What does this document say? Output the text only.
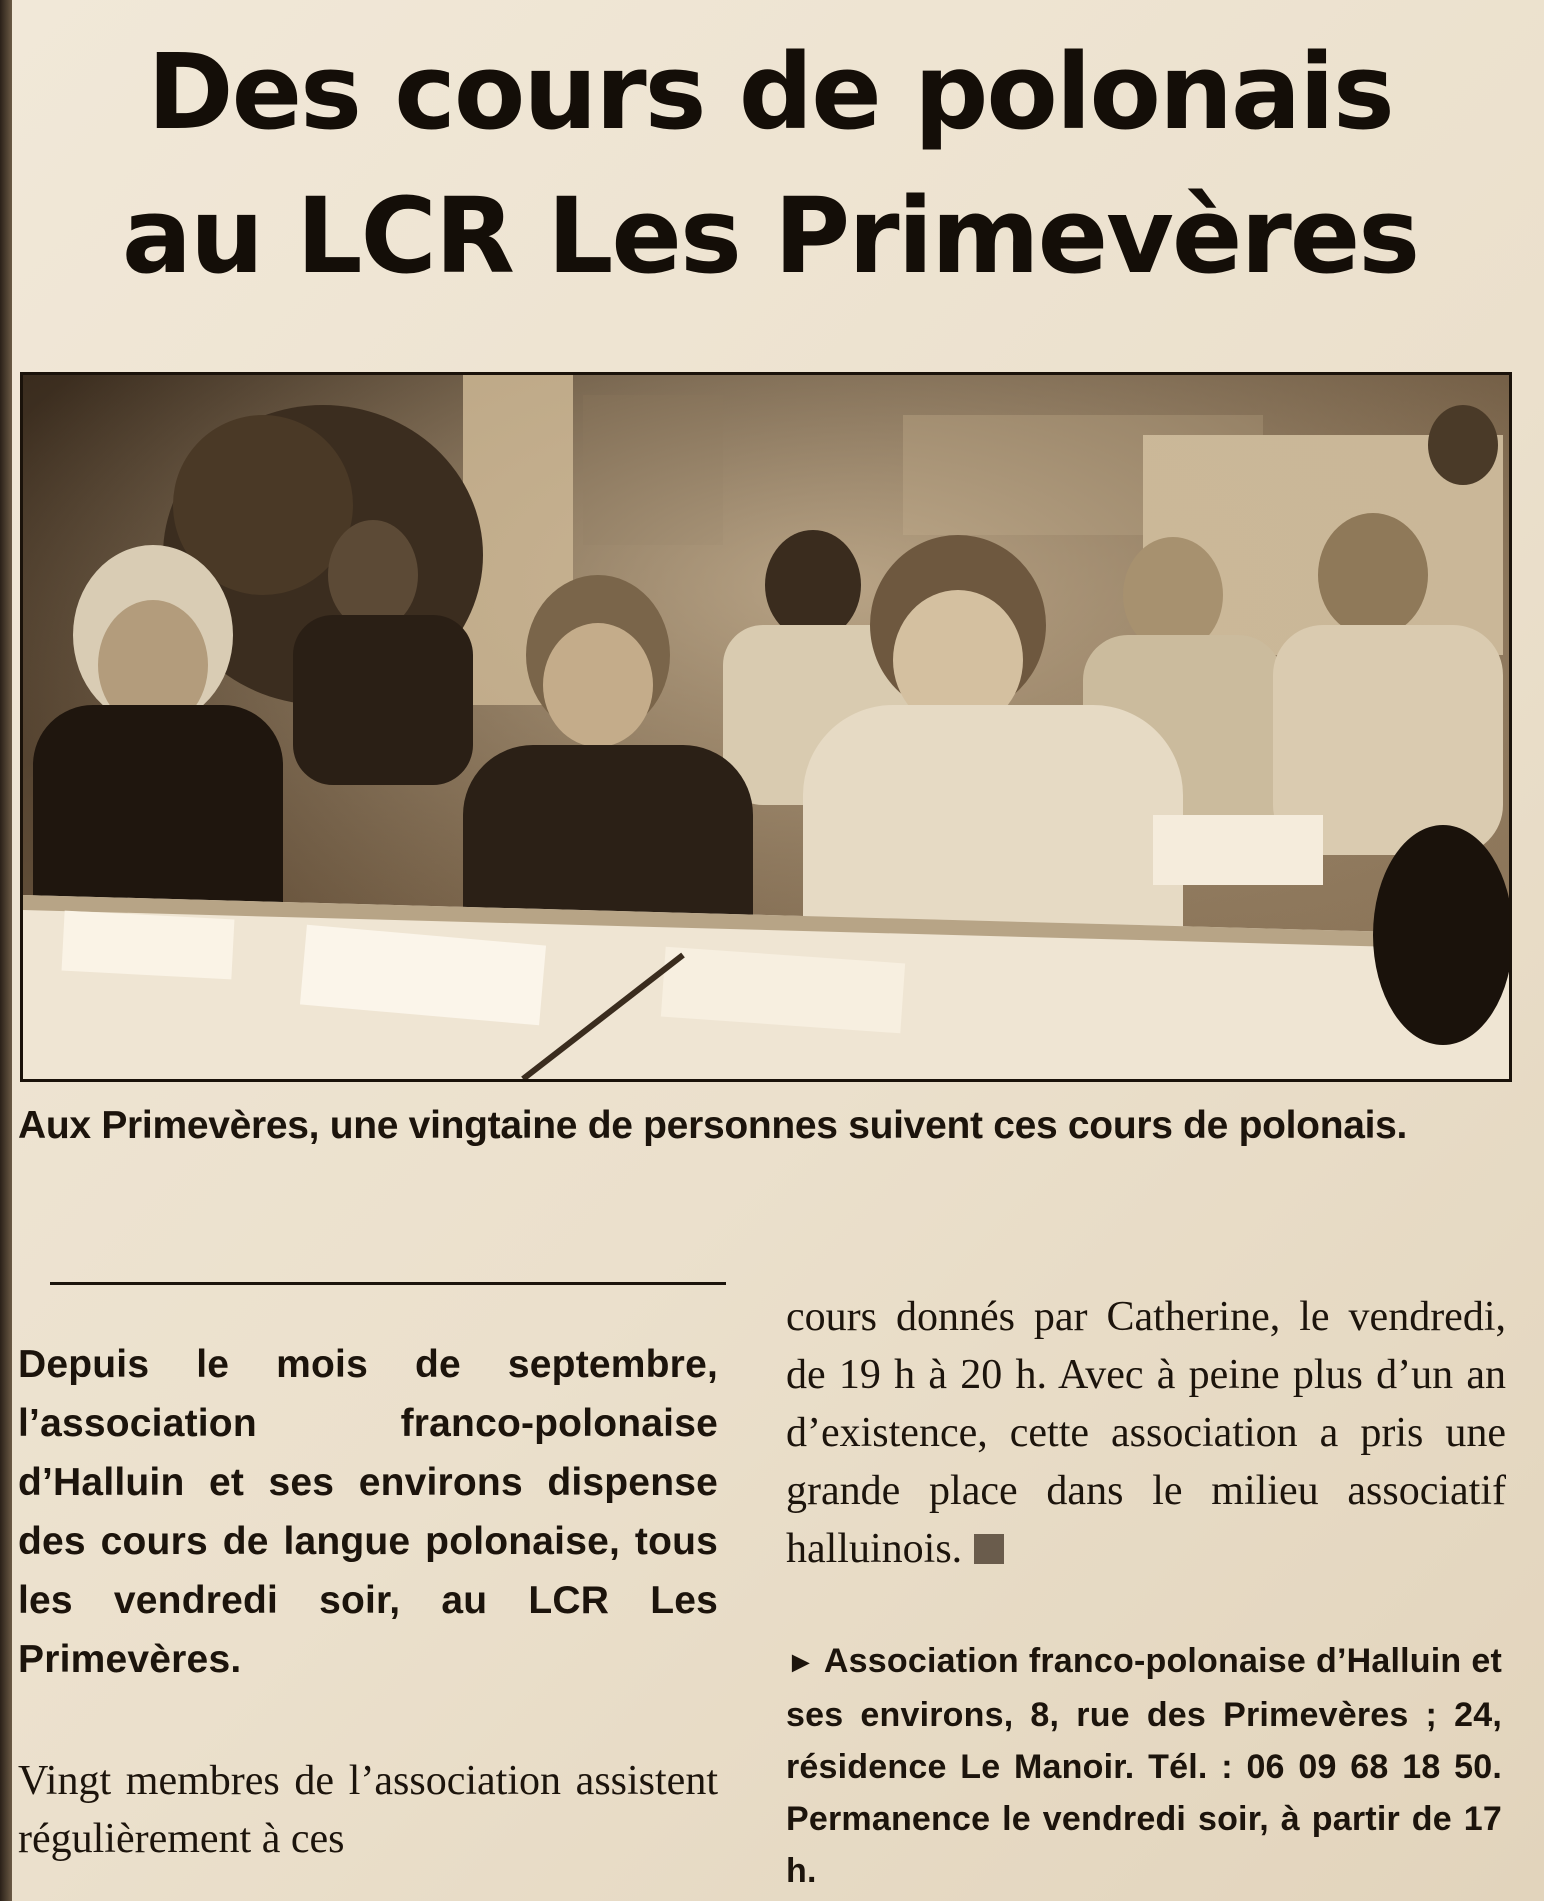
Des cours de polonais
au LCR Les Primevères
Aux Primevères, une vingtaine de personnes suivent ces cours de polonais.
Depuis le mois de septembre, l’association franco-polonaise d’Halluin et ses environs dispense des cours de langue polonaise, tous les vendredi soir, au LCR Les Primevères.
Vingt membres de l’association assistent régulièrement à ces
cours donnés par Catherine, le vendredi, de 19 h à 20 h. Avec à peine plus d’un an d’existence, cette association a pris une grande place dans le milieu associatif halluinois.
► Association franco-polonaise d’Halluin et ses environs, 8, rue des Primevères ; 24, résidence Le Manoir. Tél. : 06 09 68 18 50. Permanence le vendredi soir, à partir de 17 h.
